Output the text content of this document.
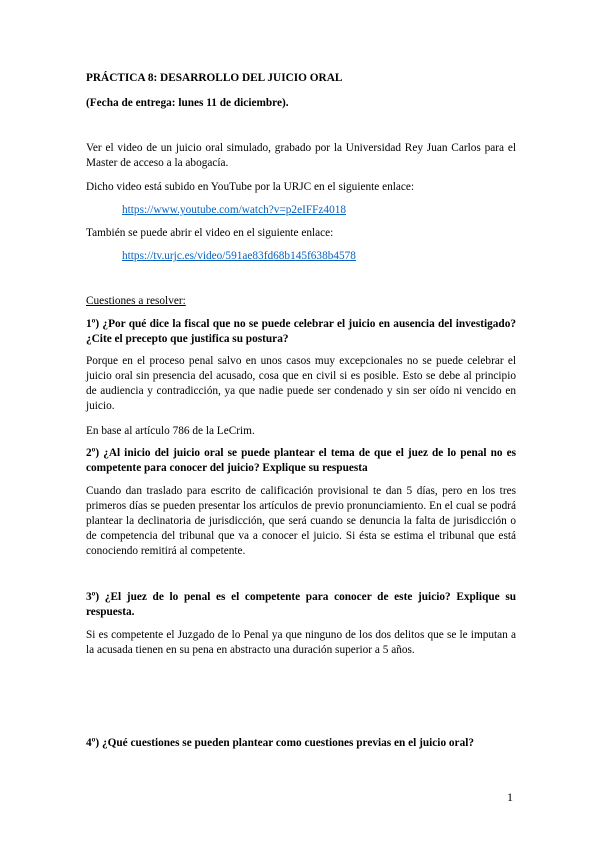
PRÁCTICA 8: DESARROLLO DEL JUICIO ORAL
(Fecha de entrega: lunes 11 de diciembre).
Ver el video de un juicio oral simulado, grabado por la Universidad Rey Juan Carlos para el Master de acceso a la abogacía.
Dicho video está subido en YouTube por la URJC en el siguiente enlace:
https://www.youtube.com/watch?v=p2eIFFz4018
También se puede abrir el video en el siguiente enlace:
https://tv.urjc.es/video/591ae83fd68b145f638b4578
Cuestiones a resolver:
1º) ¿Por qué dice la fiscal que no se puede celebrar el juicio en ausencia del investigado? ¿Cite el precepto que justifica su postura?
Porque en el proceso penal salvo en unos casos muy excepcionales no se puede celebrar el juicio oral sin presencia del acusado, cosa que en civil si es posible. Esto se debe al principio de audiencia y contradicción, ya que nadie puede ser condenado y sin ser oído ni vencido en juicio.
En base al artículo 786 de la LeCrim.
2º) ¿Al inicio del juicio oral se puede plantear el tema de que el juez de lo penal no es competente para conocer del juicio? Explique su respuesta
Cuando dan traslado para escrito de calificación provisional te dan 5 días, pero en los tres primeros días se pueden presentar los artículos de previo pronunciamiento. En el cual se podrá plantear la declinatoria de jurisdicción, que será cuando se denuncia la falta de jurisdicción o de competencia del tribunal que va a conocer el juicio. Si ésta se estima el tribunal que está conociendo remitirá al competente.
3º) ¿El juez de lo penal es el competente para conocer de este juicio? Explique su respuesta.
Si es competente el Juzgado de lo Penal ya que ninguno de los dos delitos que se le imputan a la acusada tienen en su pena en abstracto una duración superior a 5 años.
4º) ¿Qué cuestiones se pueden plantear como cuestiones previas en el juicio oral?
1
